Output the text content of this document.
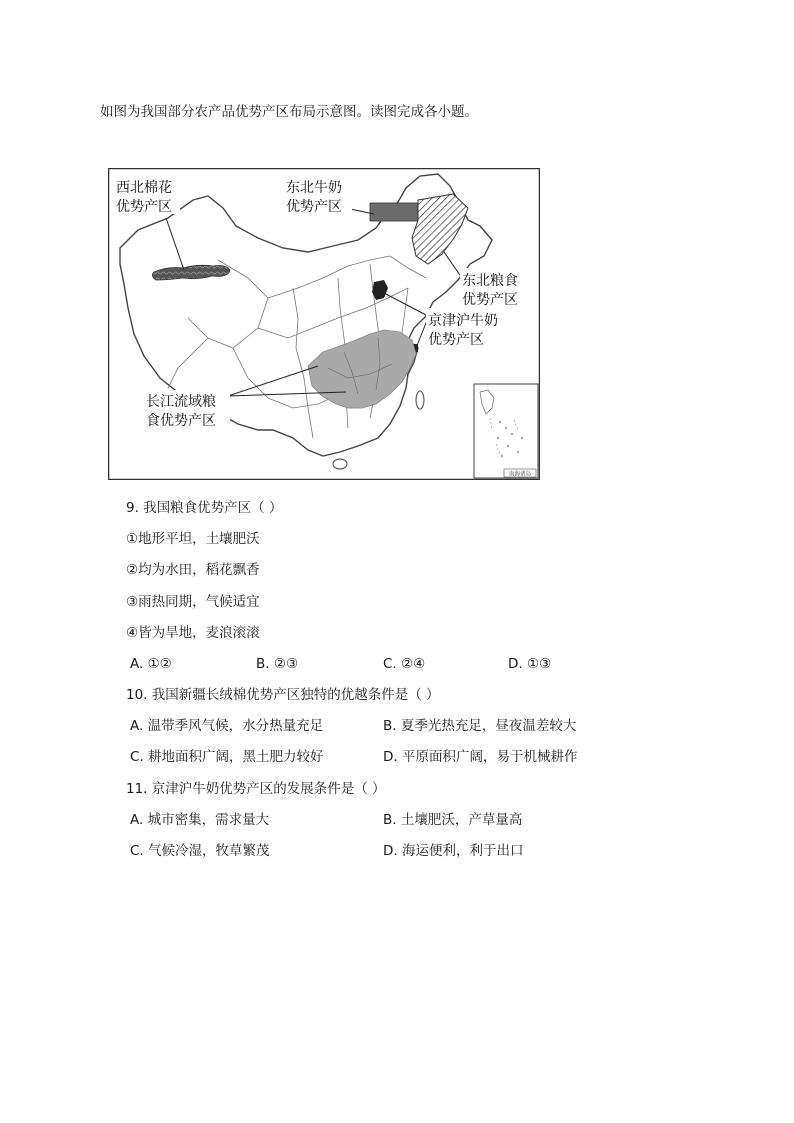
如图为我国部分农产品优势产区布局示意图。读图完成各小题。
南海诸岛
西北棉花
优势产区
东北牛奶
优势产区
东北粮食
优势产区
京津沪牛奶
优势产区
长江流域粮
食优势产区
9. 我国粮食优势产区（ ）
①地形平坦，土壤肥沃
②均为水田，稻花飘香
③雨热同期，气候适宜
④皆为旱地，麦浪滚滚
A. ①②	B. ②③	C. ②④	D. ①③
10. 我国新疆长绒棉优势产区独特的优越条件是（ ）
A. 温带季风气候，水分热量充足	B. 夏季光热充足，昼夜温差较大
C. 耕地面积广阔，黑土肥力较好	D. 平原面积广阔，易于机械耕作
11. 京津沪牛奶优势产区的发展条件是（ ）
A. 城市密集，需求量大	B. 土壤肥沃，产草量高
C. 气候冷湿，牧草繁茂	D. 海运便利，利于出口
